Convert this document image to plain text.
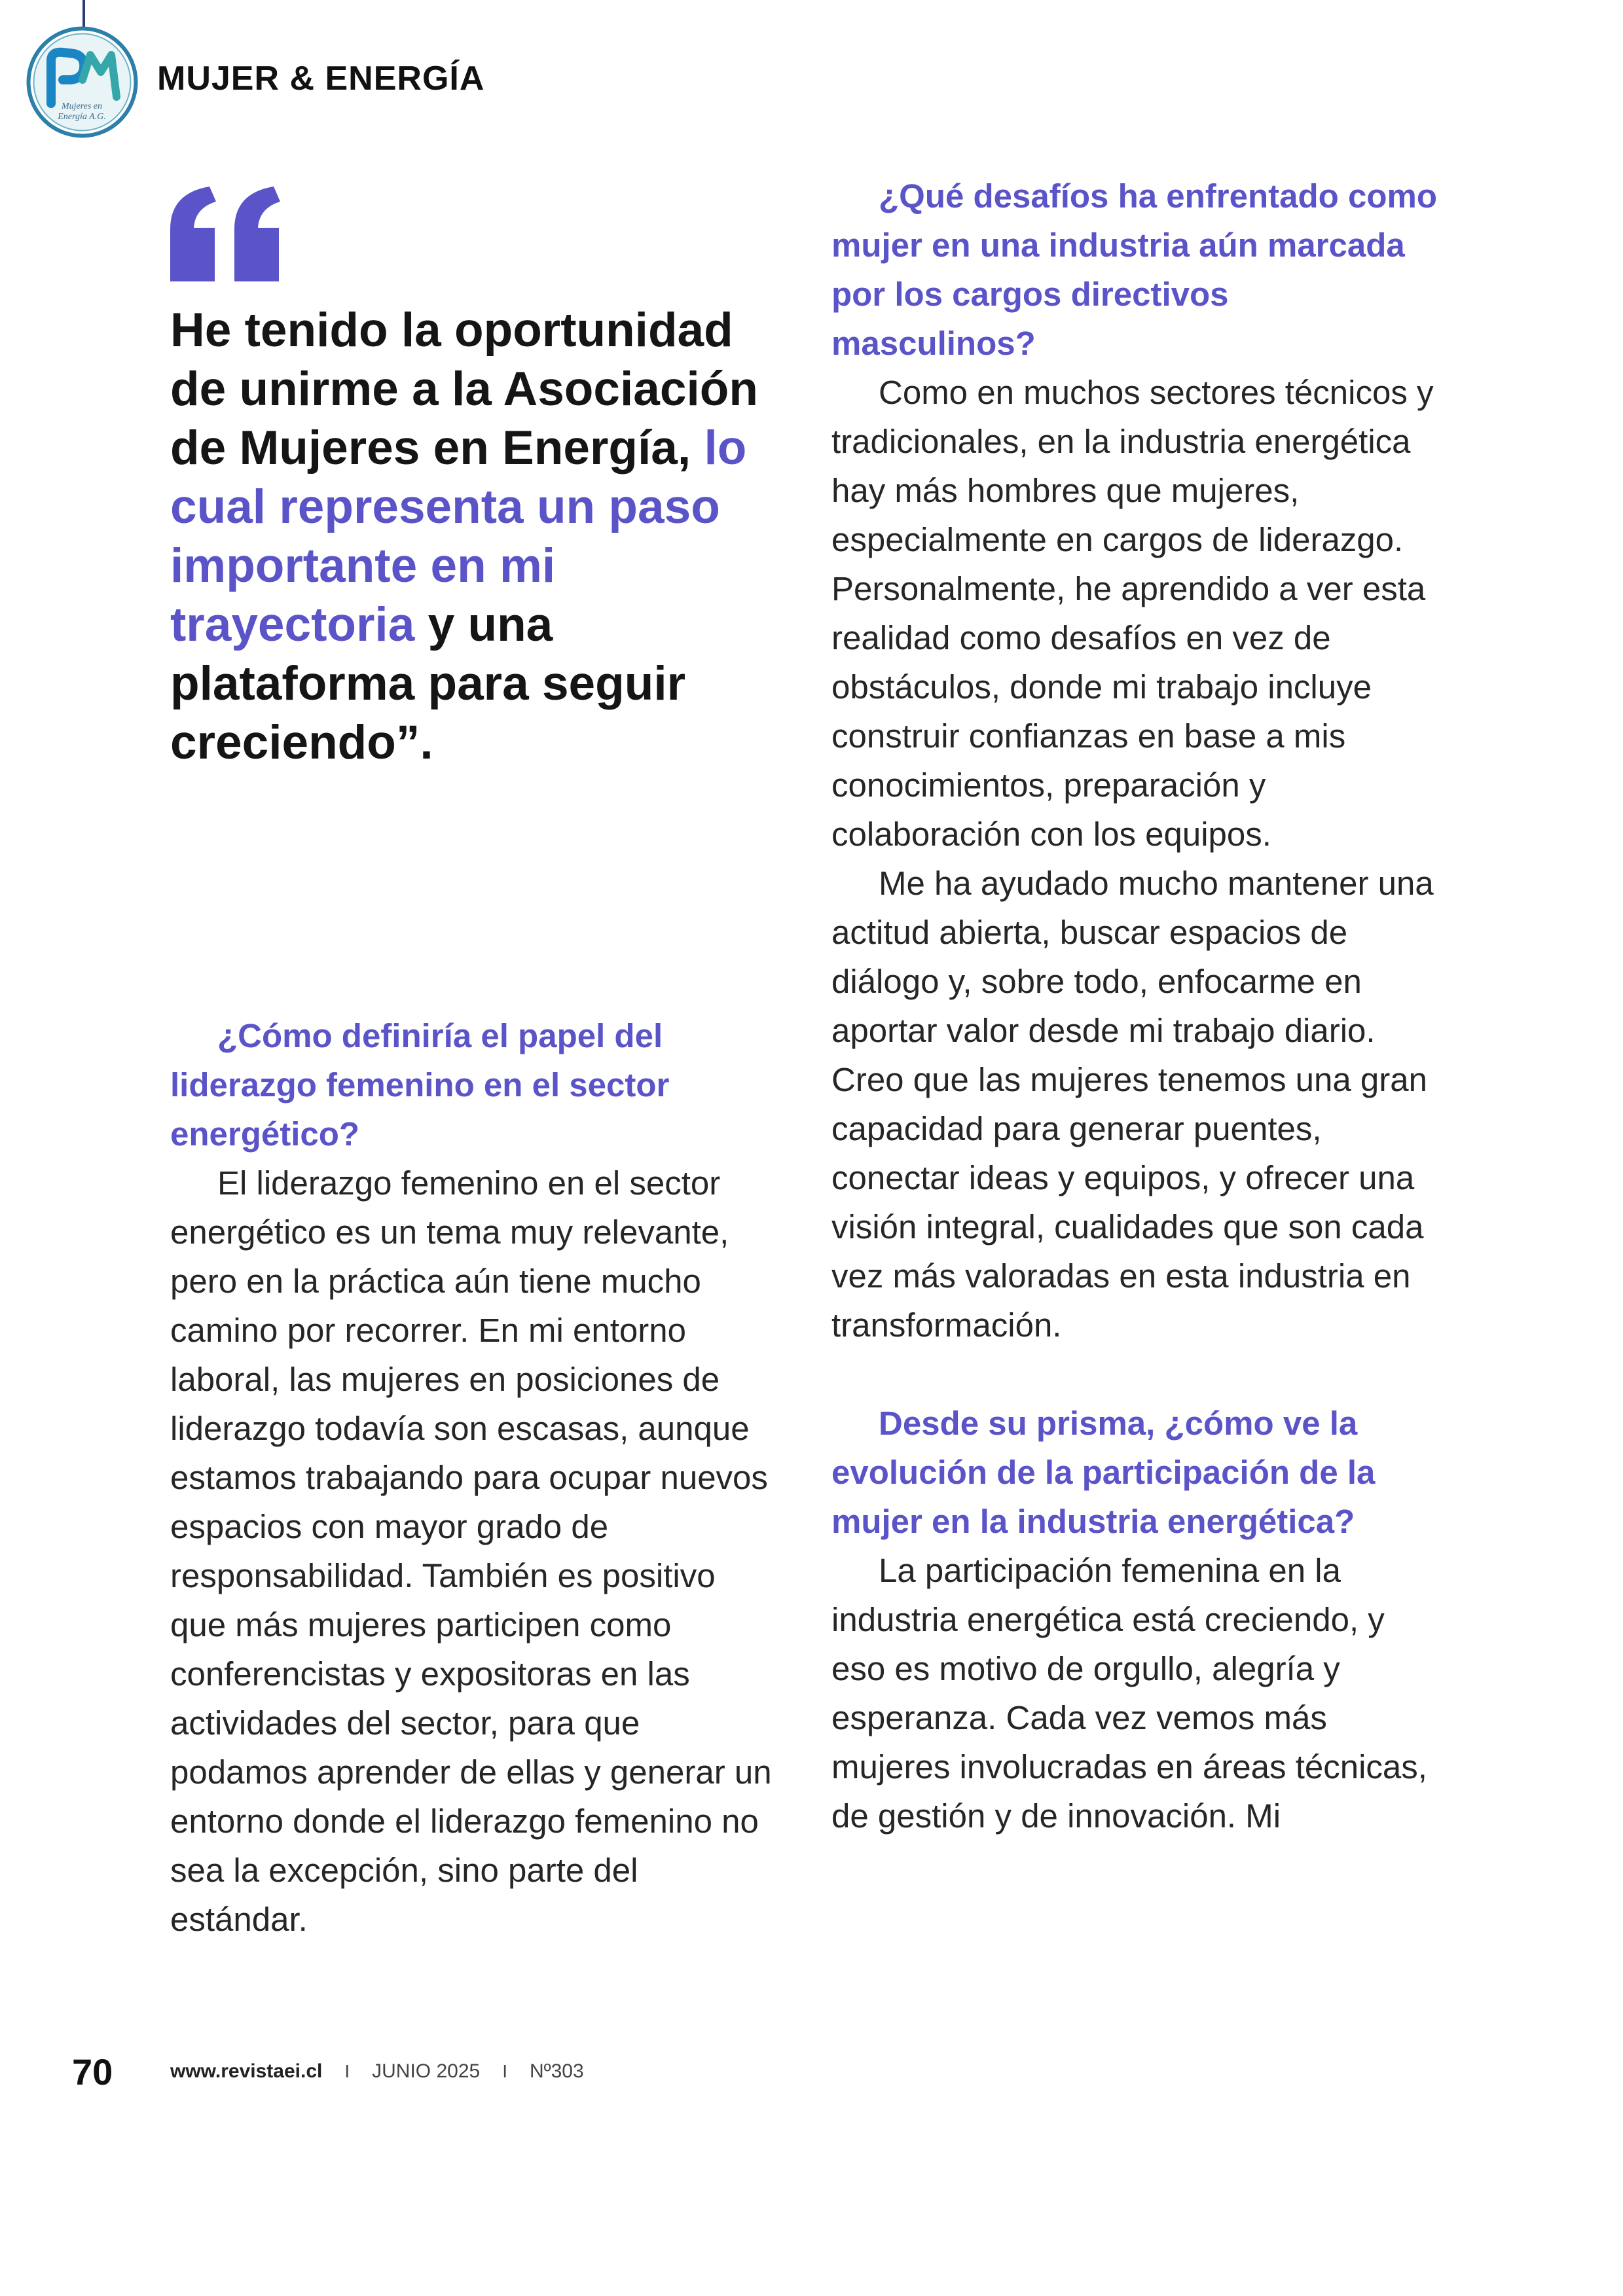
Mujeres en
Energía A.G.
MUJER & ENERGÍA
He tenido la oportunidad de unirme a la Asociación de Mujeres en Energía, lo cual representa un paso importante en mi trayectoria y una plataforma para seguir creciendo”.

¿Cómo definiría el papel del liderazgo femenino en el sector energético?

El liderazgo femenino en el sector energético es un tema muy relevante, pero en la práctica aún tiene mucho camino por recorrer. En mi entorno laboral, las mujeres en posiciones de liderazgo todavía son escasas, aunque estamos trabajando para ocupar nuevos espacios con mayor grado de responsabilidad. También es positivo que más mujeres participen como conferencistas y expositoras en las actividades del sector, para que podamos aprender de ellas y generar un entorno donde el liderazgo femenino no sea la excepción, sino parte del estándar.

¿Qué desafíos ha enfrentado como mujer en una industria aún marcada por los cargos directivos masculinos?

Como en muchos sectores técnicos y tradicionales, en la industria energética hay más hombres que mujeres, especialmente en cargos de liderazgo. Personalmente, he aprendido a ver esta realidad como desafíos en vez de obstáculos, donde mi trabajo incluye construir confianzas en base a mis conocimientos, preparación y colaboración con los equipos.

Me ha ayudado mucho mantener una actitud abierta, buscar espacios de diálogo y, sobre todo, enfocarme en aportar valor desde mi trabajo diario. Creo que las mujeres tenemos una gran capacidad para generar puentes, conectar ideas y equipos, y ofrecer una visión integral, cualidades que son cada vez más valoradas en esta industria en transformación.

Desde su prisma, ¿cómo ve la evolución de la participación de la mujer en la industria energética?

La participación femenina en la industria energética está creciendo, y eso es motivo de orgullo, alegría y esperanza. Cada vez vemos más mujeres involucradas en áreas técnicas, de gestión y de innovación. Mi

70	www.revistaei.cl I JUNIO 2025 I Nº303
